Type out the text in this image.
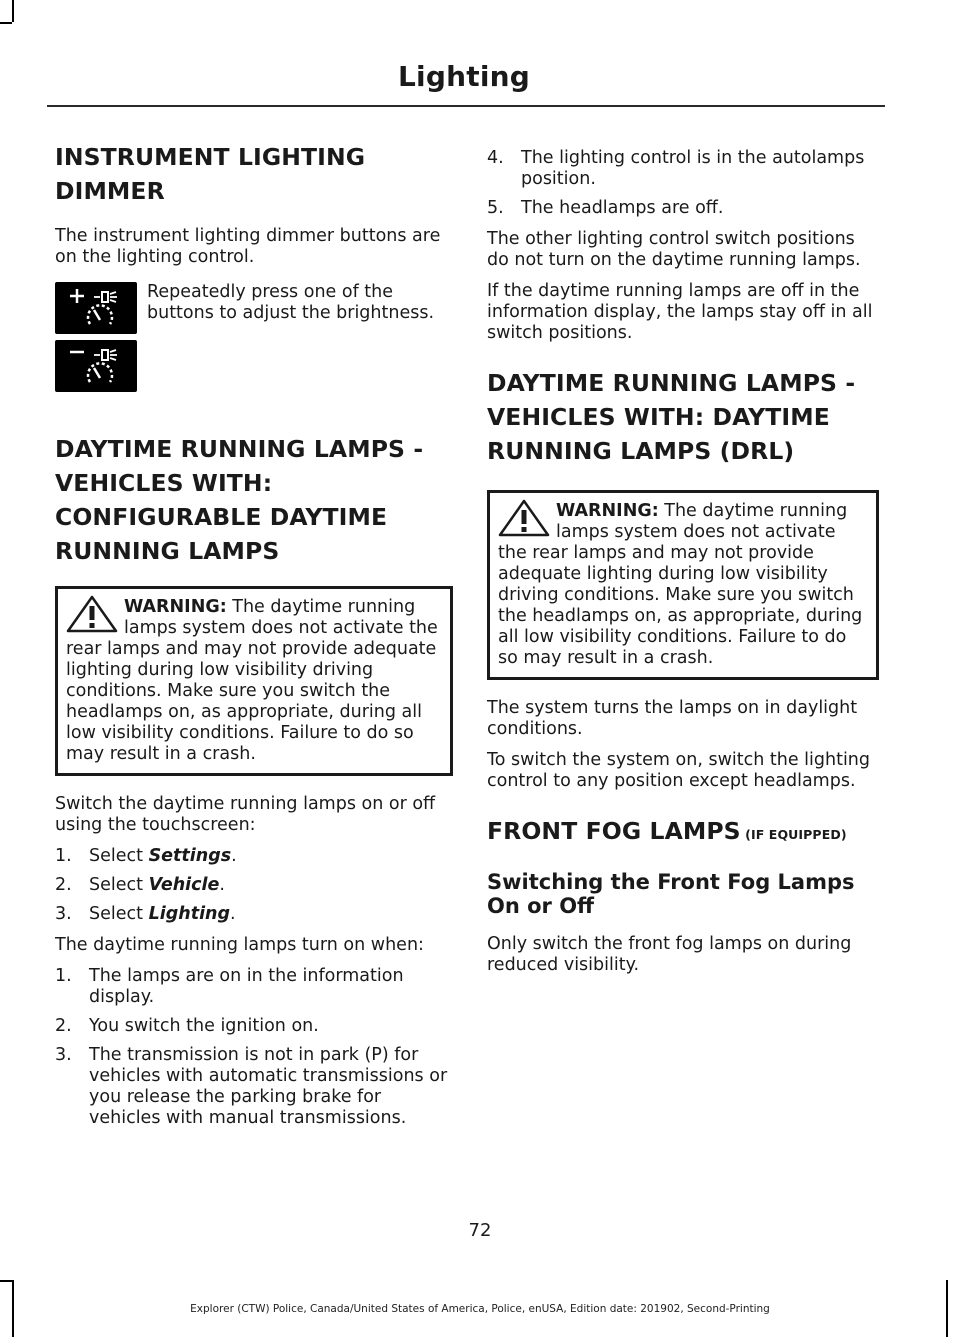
Lighting
INSTRUMENT LIGHTING DIMMER

The instrument lighting dimmer buttons are on the lighting control.

Repeatedly press one of the buttons to adjust the brightness.

DAYTIME RUNNING LAMPS - VEHICLES WITH: CONFIGURABLE DAYTIME RUNNING LAMPS

WARNING: The daytime running lamps system does not activate the rear lamps and may not provide adequate lighting during low visibility driving conditions. Make sure you switch the headlamps on, as appropriate, during all low visibility conditions. Failure to do so may result in a crash.

Switch the daytime running lamps on or off using the touchscreen:

1. Select Settings.
2. Select Vehicle.
3. Select Lighting.

The daytime running lamps turn on when:

1. The lamps are on in the information display.
2. You switch the ignition on.
3. The transmission is not in park (P) for vehicles with automatic transmissions or you release the parking brake for vehicles with manual transmissions.
4. The lighting control is in the autolamps position.
5. The headlamps are off.

The other lighting control switch positions do not turn on the daytime running lamps.

If the daytime running lamps are off in the information display, the lamps stay off in all switch positions.

DAYTIME RUNNING LAMPS - VEHICLES WITH: DAYTIME RUNNING LAMPS (DRL)

WARNING: The daytime running lamps system does not activate the rear lamps and may not provide adequate lighting during low visibility driving conditions. Make sure you switch the headlamps on, as appropriate, during all low visibility conditions. Failure to do so may result in a crash.

The system turns the lamps on in daylight conditions.

To switch the system on, switch the lighting control to any position except headlamps.

FRONT FOG LAMPS (IF EQUIPPED)
Switching the Front Fog Lamps On or Off

Only switch the front fog lamps on during reduced visibility.

72
Explorer (CTW) Police, Canada/United States of America, Police, enUSA, Edition date: 201902, Second-Printing
